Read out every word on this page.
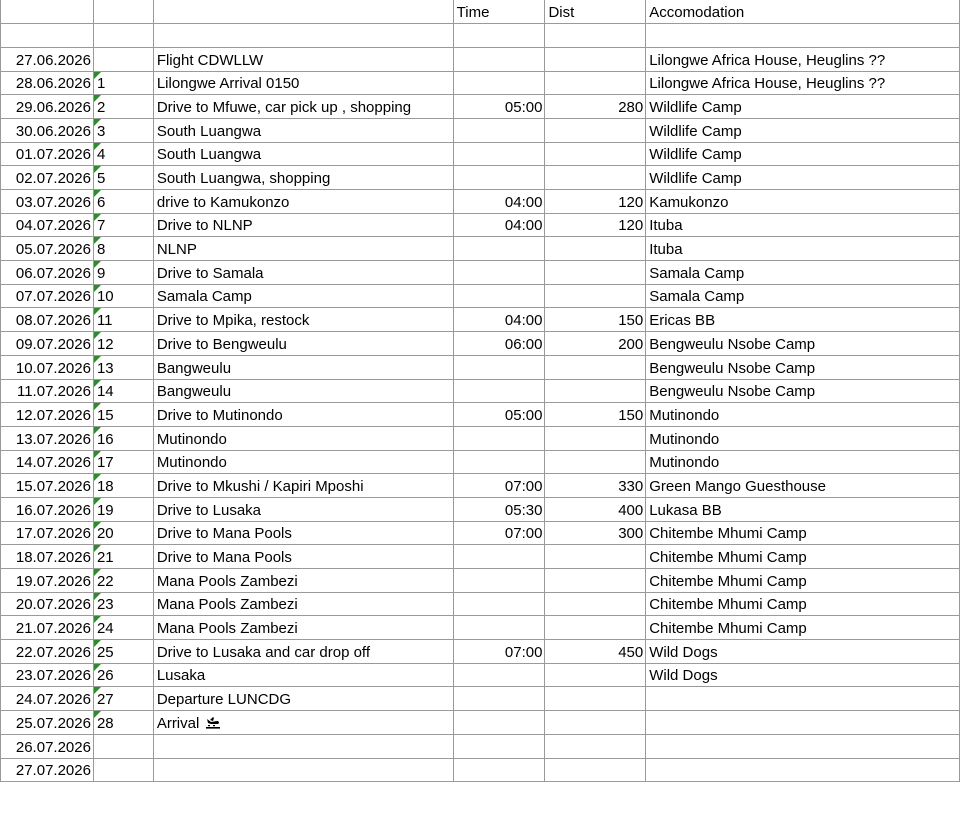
			Time	Dist	Accomodation

27.06.2026		Flight CDWLLW			Lilongwe Africa House, Heuglins ??
28.06.2026	1	Lilongwe Arrival 0150			Lilongwe Africa House, Heuglins ??
29.06.2026	2	Drive to Mfuwe, car pick up , shopping	05:00	280	Wildlife Camp
30.06.2026	3	South Luangwa			Wildlife Camp
01.07.2026	4	South Luangwa			Wildlife Camp
02.07.2026	5	South Luangwa, shopping			Wildlife Camp
03.07.2026	6	drive to Kamukonzo	04:00	120	Kamukonzo
04.07.2026	7	Drive to NLNP	04:00	120	Ituba
05.07.2026	8	NLNP			Ituba
06.07.2026	9	Drive to Samala			Samala Camp
07.07.2026	10	Samala Camp			Samala Camp
08.07.2026	11	Drive to Mpika, restock	04:00	150	Ericas BB
09.07.2026	12	Drive to Bengweulu	06:00	200	Bengweulu Nsobe Camp
10.07.2026	13	Bangweulu			Bengweulu Nsobe Camp
11.07.2026	14	Bangweulu			Bengweulu Nsobe Camp
12.07.2026	15	Drive to Mutinondo	05:00	150	Mutinondo
13.07.2026	16	Mutinondo			Mutinondo
14.07.2026	17	Mutinondo			Mutinondo
15.07.2026	18	Drive to Mkushi / Kapiri Mposhi	07:00	330	Green Mango Guesthouse
16.07.2026	19	Drive to Lusaka	05:30	400	Lukasa BB
17.07.2026	20	Drive to Mana Pools	07:00	300	Chitembe Mhumi Camp
18.07.2026	21	Drive to Mana Pools			Chitembe Mhumi Camp
19.07.2026	22	Mana Pools Zambezi			Chitembe Mhumi Camp
20.07.2026	23	Mana Pools Zambezi			Chitembe Mhumi Camp
21.07.2026	24	Mana Pools Zambezi			Chitembe Mhumi Camp
22.07.2026	25	Drive to Lusaka and car drop off	07:00	450	Wild Dogs
23.07.2026	26	Lusaka			Wild Dogs
24.07.2026	27	Departure LUNCDG			
25.07.2026	28	Arrival			
26.07.2026					
27.07.2026					
